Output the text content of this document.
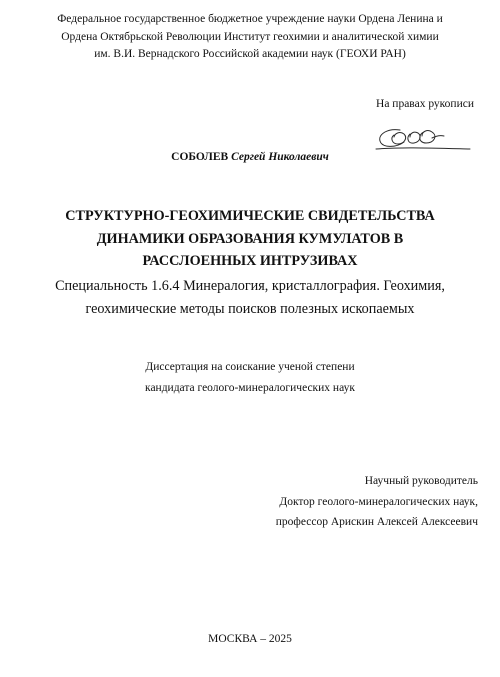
Федеральное государственное бюджетное учреждение науки Ордена Ленина и
Ордена Октябрьской Революции Институт геохимии и аналитической химии
им. В.И. Вернадского Российской академии наук (ГЕОХИ РАН)
На правах рукописи
СОБОЛЕВ Сергей Николаевич
СТРУКТУРНО-ГЕОХИМИЧЕСКИЕ СВИДЕТЕЛЬСТВА
ДИНАМИКИ ОБРАЗОВАНИЯ КУМУЛАТОВ В
РАССЛОЕННЫХ ИНТРУЗИВАХ
Специальность 1.6.4 Минералогия, кристаллография. Геохимия,
геохимические методы поисков полезных ископаемых
Диссертация на соискание ученой степени
кандидата геолого-минералогических наук
Научный руководитель
Доктор геолого-минералогических наук,
профессор Арискин Алексей Алексеевич
МОСКВА – 2025
